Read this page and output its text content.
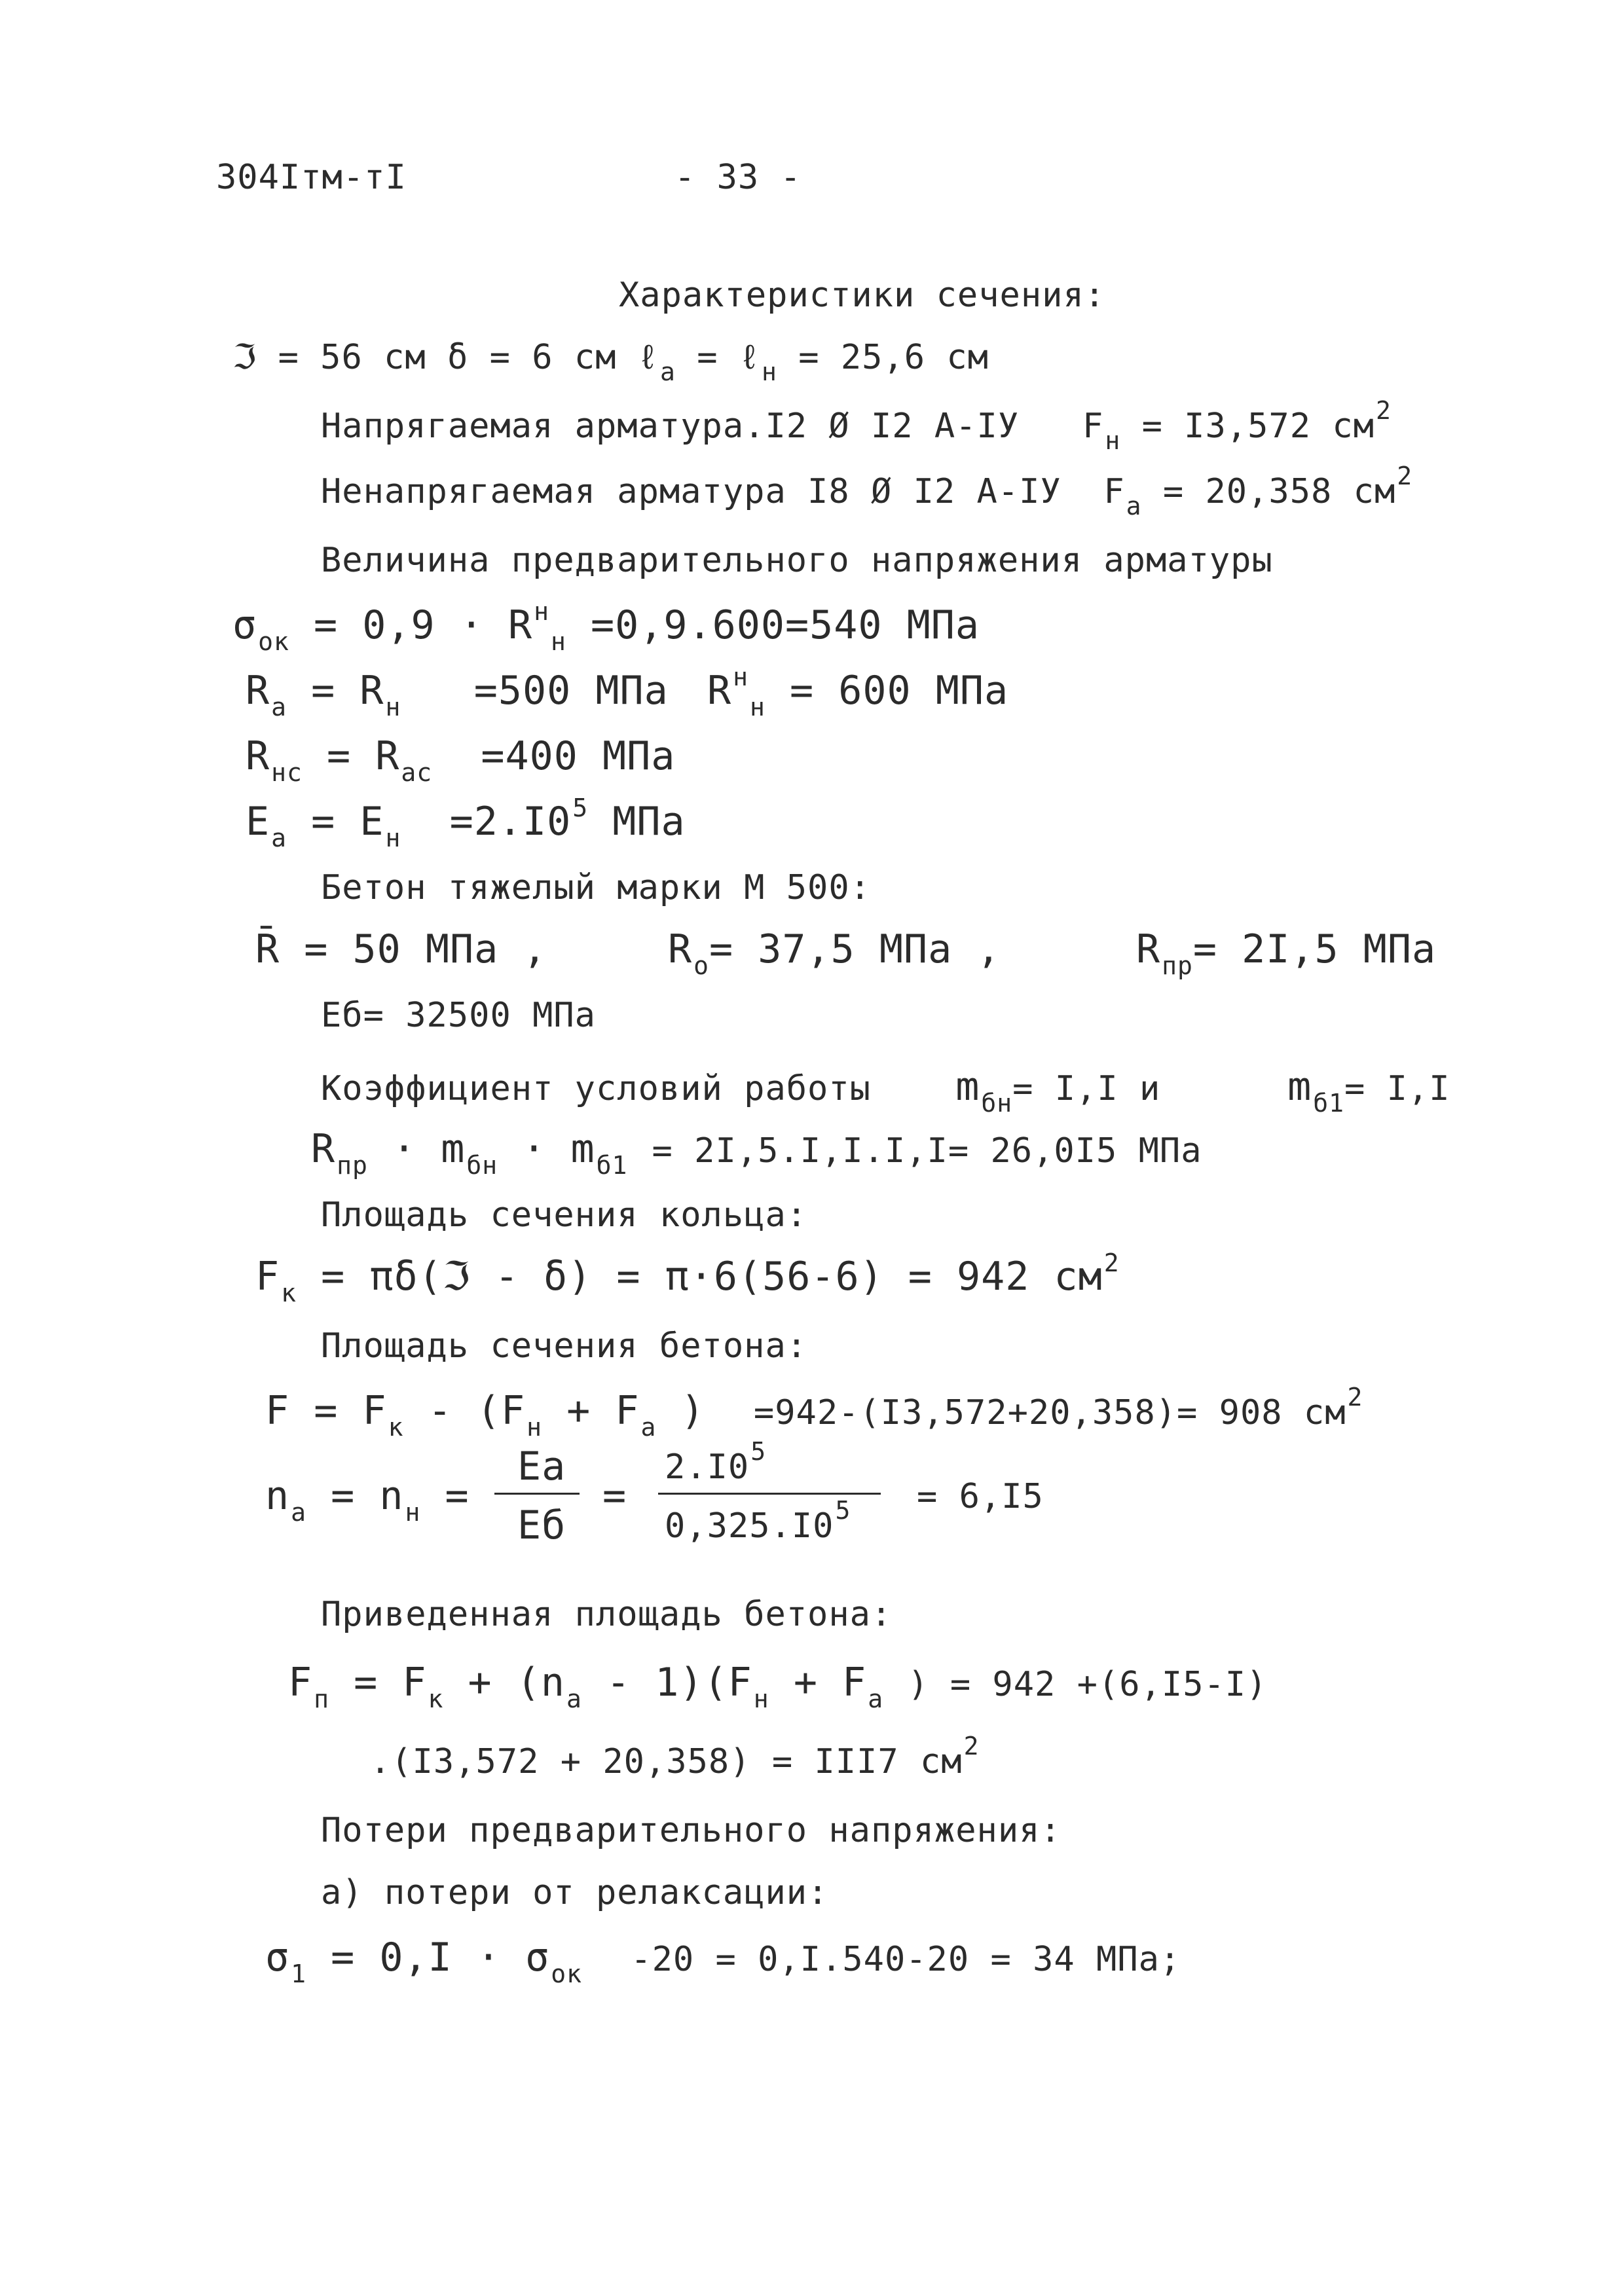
304Iтм-тI	- 33 -
Характеристики сечения:
ℑ = 56 см δ = 6 см ℓ$_a$ = ℓ$_н$ = 25,6 см
Напрягаемая арматура.I2 Ø I2 А-IУ $F_н = I3,572$ $см^2$
Ненапрягаемая арматура I8 Ø I2 А-IУ $F_a = 20,358$ $см^2$
Величина предварительного напряжения арматуры
$\sigma_{ок} = 0,9 \cdot R^н_н =0,9.600=540$ МПа
$R_a = R_н =500$ МПа $R^н_н = 600$ МПа
$R_{нс} = R_{ас} =400$ МПа
$E_a = E_н =2.I0^5$ МПа
Бетон тяжелый марки М 500:
R̄ = 50 МПа ,	$R_o= 37,5$ МПа ,	$R_{пр}= 2I,5$ МПа
Еб= 32500 МПа
Коэффициент условий работы $m_{бн}= I,I$ и	$m_{б1}= I,I$
$R_{пр} \cdot m_{бн} \cdot m_{б1} = 2I,5.I,I.I,I= 26,0I5$ МПа
Площадь сечения кольца:
$F_к$ = πδ(ℑ - δ) = π·6(56-6) = 942 $см^2$
Площадь сечения бетона:
$F = F_к - (F_н + F_a$ ) =942-(I3,572+20,358)= 908 $см^2$
$n_a = n_н$ =
Ea
Eб
=
$2.I0^5$
$0,325.I0^5 = 6,I5$
Приведенная площадь бетона:
$F_п = F_к + (n_a - 1)(F_н + F_a$ ) = 942 +(6,I5-I)
.(I3,572 + 20,358) = III7 $см^2$
Потери предварительного напряжения:
а) потери от релаксации:
$\sigma_1 = 0,I \cdot \sigma_{ок}$ -20 = 0,I.540-20 = 34 МПа;
